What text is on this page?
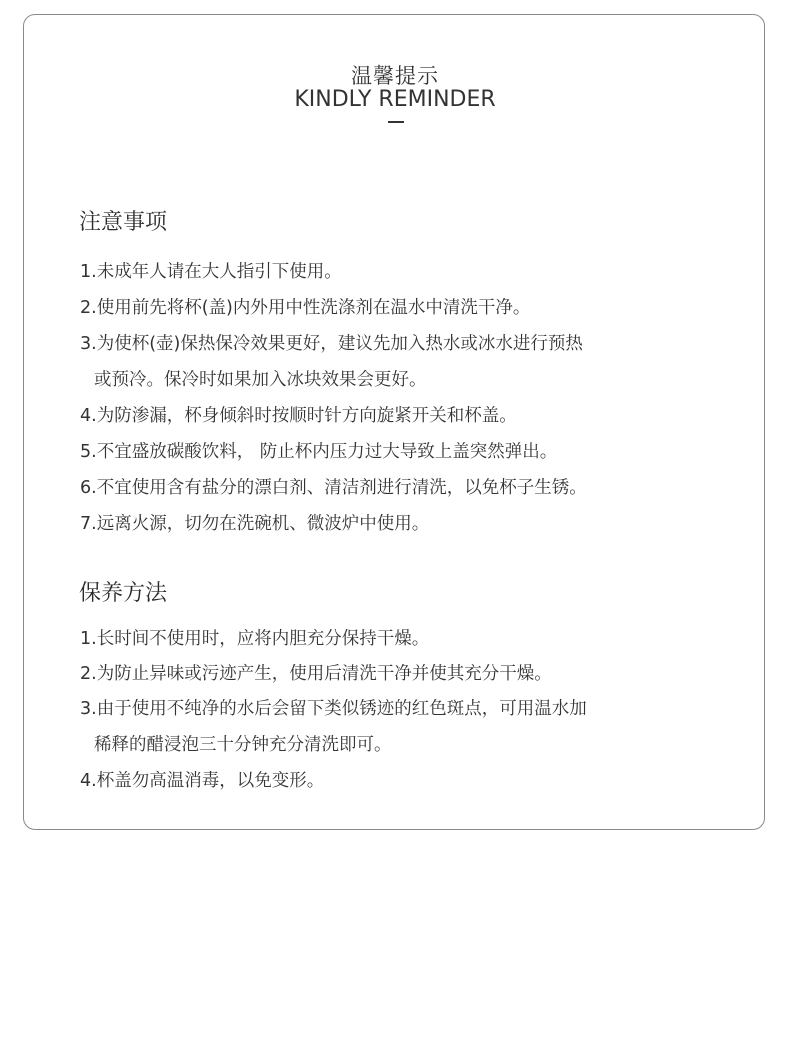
温馨提示
KINDLY REMINDER
注意事项
1.未成年人请在大人指引下使用。
2.使用前先将杯(盖)内外用中性洗涤剂在温水中清洗干净。
3.为使杯(壶)保热保冷效果更好，建议先加入热水或冰水进行预热
或预冷。保冷时如果加入冰块效果会更好。
4.为防渗漏，杯身倾斜时按顺时针方向旋紧开关和杯盖。
5.不宜盛放碳酸饮料， 防止杯内压力过大导致上盖突然弹出。
6.不宜使用含有盐分的漂白剂、清洁剂进行清洗，以免杯子生锈。
7.远离火源，切勿在洗碗机、微波炉中使用。
保养方法
1.长时间不使用时，应将内胆充分保持干燥。
2.为防止异味或污迹产生，使用后清洗干净并使其充分干燥。
3.由于使用不纯净的水后会留下类似锈迹的红色斑点，可用温水加
稀释的醋浸泡三十分钟充分清洗即可。
4.杯盖勿高温消毒，以免变形。
